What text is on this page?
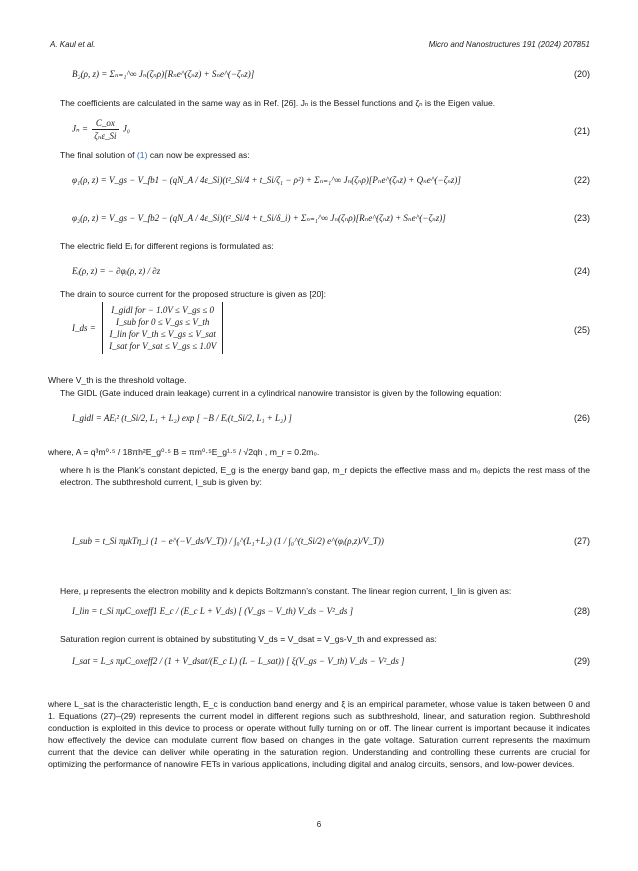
A. Kaul et al.	Micro and Nanostructures 191 (2024) 207851
B₂(ρ, z) = Σₙ₌₁^∞ Jₙ(ζₙρ)[Rₙe^(ζₙz) + Sₙe^(−ζₙz)]	(20)
The coefficients are calculated in the same way as in Ref. [26]. Jₙ is the Bessel functions and ζₙ is the Eigen value.
$J_n = \frac{C\_ox}{\text{ζₙε\_Si}} J_0$	(21)
The final solution of (1) can now be expressed as:
φ₁(ρ, z) = V_gs − V_fb1 − (qN_A / 4ε_Si)(t²_Si/4 + t_Si/ζ₁ − ρ²) + Σₙ₌₁^∞ Jₙ(ζₙρ)[Pₙe^(ζₙz) + Qₙe^(−ζₙz)]	(22)
φ₂(ρ, z) = V_gs − V_fb2 − (qN_A / 4ε_Si)(t²_Si/4 + t_Si/δ_i) + Σₙ₌₁^∞ Jₙ(ζₙρ)[Rₙe^(ζₙz) + Sₙe^(−ζₙz)]	(23)
The electric field Eᵢ for different regions is formulated as:
Eᵢ(ρ, z) = − ∂φᵢ(ρ, z) / ∂z	(24)
The drain to source current for the proposed structure is given as [20]:
I_ds =
I_gidl for − 1.0V ≤ V_gs ≤ 0
I_sub for 0 ≤ V_gs ≤ V_th
I_lin for V_th ≤ V_gs ≤ V_sat
I_sat for V_sat ≤ V_gs ≤ 1.0V
(25)
Where V_th is the threshold voltage.
The GIDL (Gate induced drain leakage) current in a cylindrical nanowire transistor is given by the following equation:
I_gidl = AEᵢ² (t_Si/2, L₁ + L₂) exp [ −B / Eᵢ(t_Si/2, L₁ + L₂) ]	(26)
where, A = q³m⁰·⁵ / 18πh²E_g⁰·⁵ B = πm⁰·⁵E_g¹·⁵ / √2qh , m_r = 0.2m₀.
where h is the Plank’s constant depicted, E_g is the energy band gap, m_r depicts the effective mass and m₀ depicts the rest mass of the electron. The subthreshold current, I_sub is given by:
I_sub = t_Si πμkTη_i (1 − e^(−V_ds/V_T)) / ∫₀^(L₁+L₂) (1 / ∫₀^(t_Si/2) e^(φᵢ(ρ,z)/V_T))	(27)
Here, μ represents the electron mobility and k depicts Boltzmann’s constant. The linear region current, I_lin is given as:
I_lin = t_Si πμC_oxeff1 E_c / (E_c L + V_ds) [ (V_gs − V_th) V_ds − V²_ds ]	(28)
Saturation region current is obtained by substituting V_ds = V_dsat = V_gs-V_th and expressed as:
I_sat = L_s πμC_oxeff2 / (1 + V_dsat/(E_c L) (L − L_sat)) [ ξ(V_gs − V_th) V_ds − V²_ds ]	(29)
where L_sat is the characteristic length, E_c is conduction band energy and ξ is an empirical parameter, whose value is taken between 0 and 1. Equations (27)–(29) represents the current model in different regions such as subthreshold, linear, and saturation region. Subthreshold conduction is exploited in this device to process or operate without fully turning on or off. The linear current is important because it indicates how effectively the device can modulate current flow based on changes in the gate voltage. Saturation current represents the maximum current that the device can deliver while operating in the saturation region. Understanding and controlling these currents are crucial for optimizing the performance of nanowire FETs in various applications, including digital and analog circuits, sensors, and low-power devices.
6
